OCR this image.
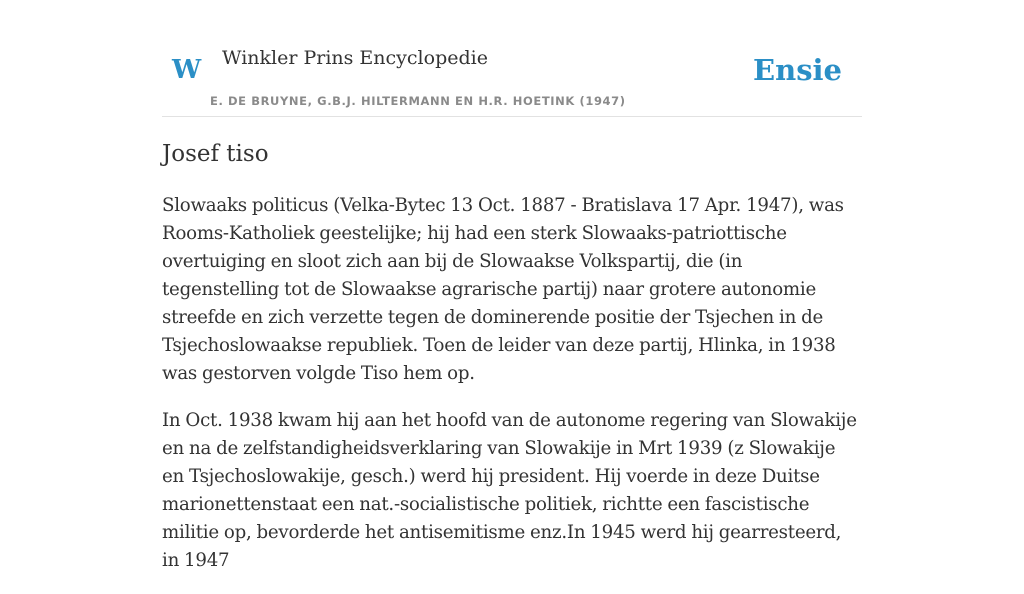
W Winkler Prins Encyclopedie
E. DE BRUYNE, G.B.J. HILTERMANN EN H.R. HOETINK (1947)
Ensie
Josef tiso

Slowaaks politicus (Velka-Bytec 13 Oct. 1887 - Bratislava 17 Apr. 1947), was Rooms-Katholiek geestelijke; hij had een sterk Slowaaks-patriottische overtuiging en sloot zich aan bij de Slowaakse Volkspartij, die (in tegenstelling tot de Slowaakse agrarische partij) naar grotere autonomie streefde en zich verzette tegen de dominerende positie der Tsjechen in de Tsjechoslowaakse republiek. Toen de leider van deze partij, Hlinka, in 1938 was gestorven volgde Tiso hem op.

In Oct. 1938 kwam hij aan het hoofd van de autonome regering van Slowakije en na de zelfstandigheidsverklaring van Slowakije in Mrt 1939 (z Slowakije en Tsjechoslowakije, gesch.) werd hij president. Hij voerde in deze Duitse marionettenstaat een nat.-socialistische politiek, richtte een fascistische militie op, bevorderde het antisemitisme enz.In 1945 werd hij gearresteerd, in 1947
